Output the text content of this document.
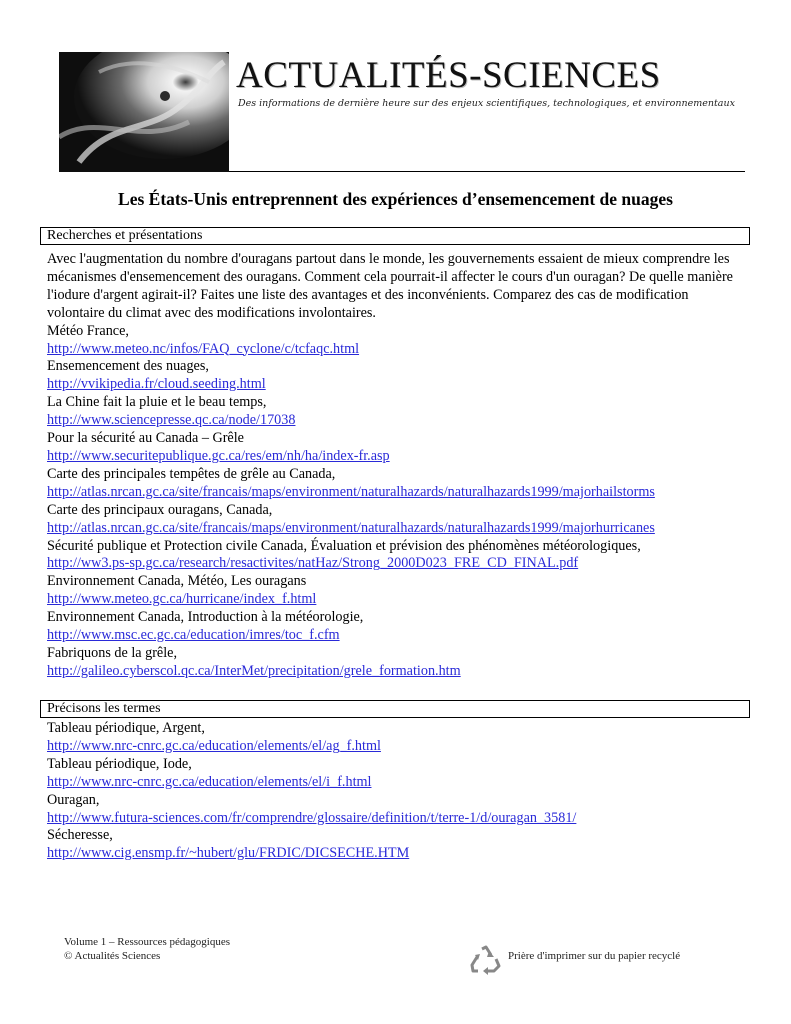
ACTUALITÉS-SCIENCES
Des informations de dernière heure sur des enjeux scientifiques, technologiques, et environnementaux
Les États-Unis entreprennent des expériences d’ensemencement de nuages
Recherches et présentations
Avec l'augmentation du nombre d'ouragans partout dans le monde, les gouvernements essaient de mieux comprendre les mécanismes d'ensemencement des ouragans. Comment cela pourrait-il affecter le cours d'un ouragan? De quelle manière l'iodure d'argent agirait-il? Faites une liste des avantages et des inconvénients. Comparez des cas de modification volontaire du climat avec des modifications involontaires.
Météo France,
http://www.meteo.nc/infos/FAQ_cyclone/c/tcfaqc.html
Ensemencement des nuages,
http://vvikipedia.fr/cloud.seeding.html
La Chine fait la pluie et le beau temps,
http://www.sciencepresse.qc.ca/node/17038
Pour la sécurité au Canada – Grêle
http://www.securitepublique.gc.ca/res/em/nh/ha/index-fr.asp
Carte des principales tempêtes de grêle au Canada,
http://atlas.nrcan.gc.ca/site/francais/maps/environment/naturalhazards/naturalhazards1999/majorhailstorms
Carte des principaux ouragans, Canada,
http://atlas.nrcan.gc.ca/site/francais/maps/environment/naturalhazards/naturalhazards1999/majorhurricanes
Sécurité publique et Protection civile Canada, Évaluation et prévision des phénomènes météorologiques,
http://ww3.ps-sp.gc.ca/research/resactivites/natHaz/Strong_2000D023_FRE_CD_FINAL.pdf
Environnement Canada, Météo, Les ouragans
http://www.meteo.gc.ca/hurricane/index_f.html
Environnement Canada, Introduction à la météorologie,
http://www.msc.ec.gc.ca/education/imres/toc_f.cfm
Fabriquons de la grêle,
http://galileo.cyberscol.qc.ca/InterMet/precipitation/grele_formation.htm
Précisons les termes
Tableau périodique, Argent,
http://www.nrc-cnrc.gc.ca/education/elements/el/ag_f.html
Tableau périodique, Iode,
http://www.nrc-cnrc.gc.ca/education/elements/el/i_f.html
Ouragan,
http://www.futura-sciences.com/fr/comprendre/glossaire/definition/t/terre-1/d/ouragan_3581/
Sécheresse,
http://www.cig.ensmp.fr/~hubert/glu/FRDIC/DICSECHE.HTM
Volume 1 – Ressources pédagogiques
© Actualités Sciences	Prière d'imprimer sur du papier recyclé
